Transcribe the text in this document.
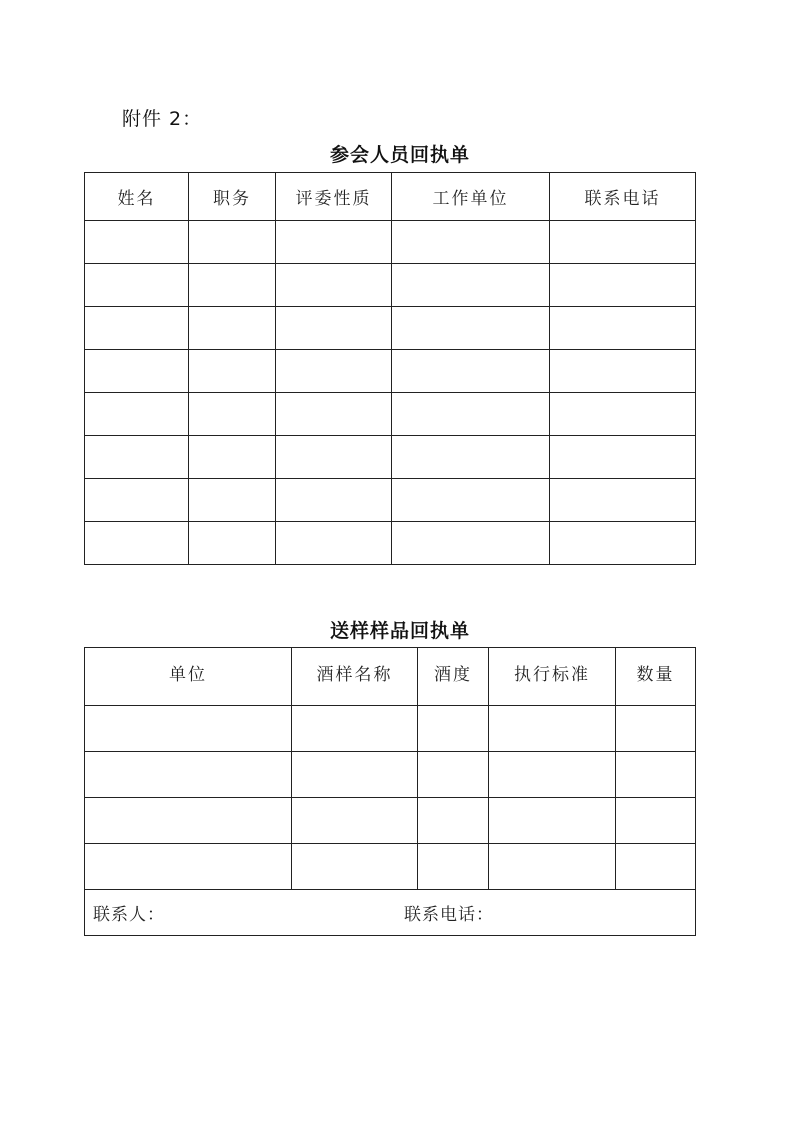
附件 2：
参会人员回执单
姓名	职务	评委性质	工作单位	联系电话

送样样品回执单
单位	酒样名称	酒度	执行标准	数量

联系人： 联系电话：				
